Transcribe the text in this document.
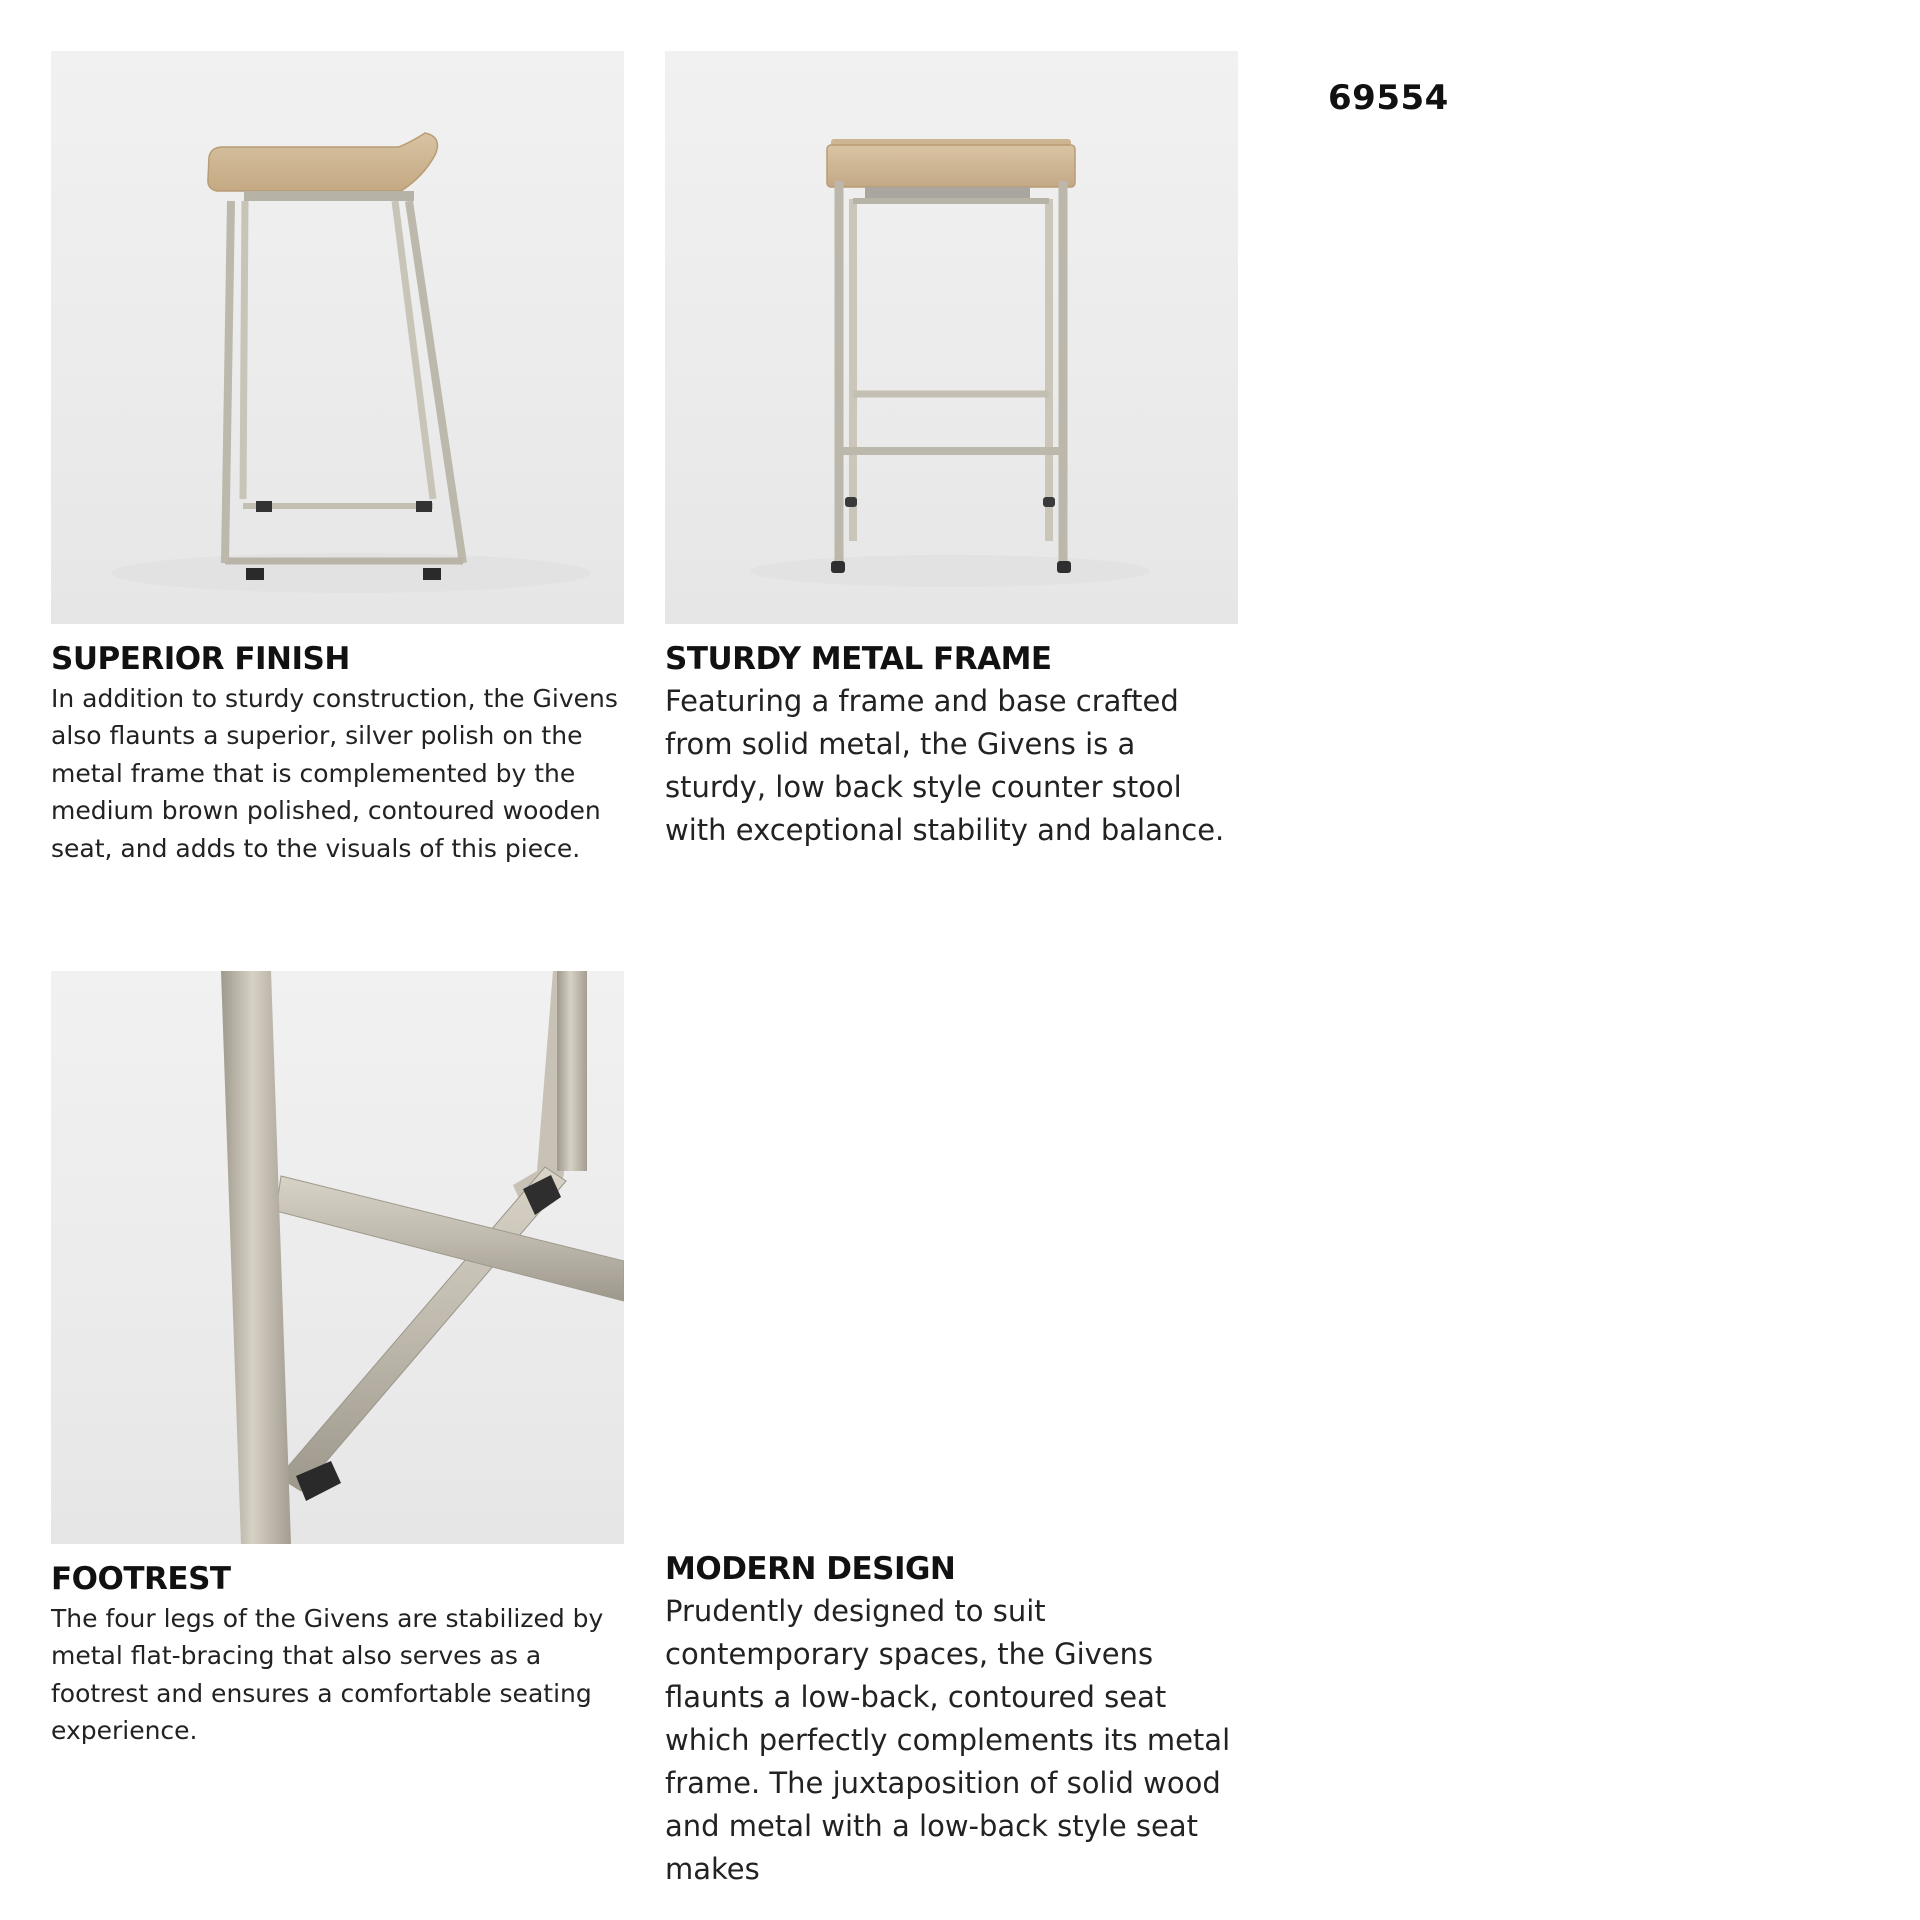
69554
SUPERIOR FINISH
In addition to sturdy construction, the Givens also flaunts a superior, silver polish on the metal frame that is complemented by the medium brown polished, contoured wooden seat, and adds to the visuals of this piece.
STURDY METAL FRAME
Featuring a frame and base crafted from solid metal, the Givens is a sturdy, low back style counter stool with exceptional stability and balance.
FOOTREST
The four legs of the Givens are stabilized by metal flat-bracing that also serves as a footrest and ensures a comfortable seating experience.
MODERN DESIGN
Prudently designed to suit contemporary spaces, the Givens flaunts a low-back, contoured seat which perfectly complements its metal frame. The juxtaposition of solid wood and metal with a low-back style seat makes
